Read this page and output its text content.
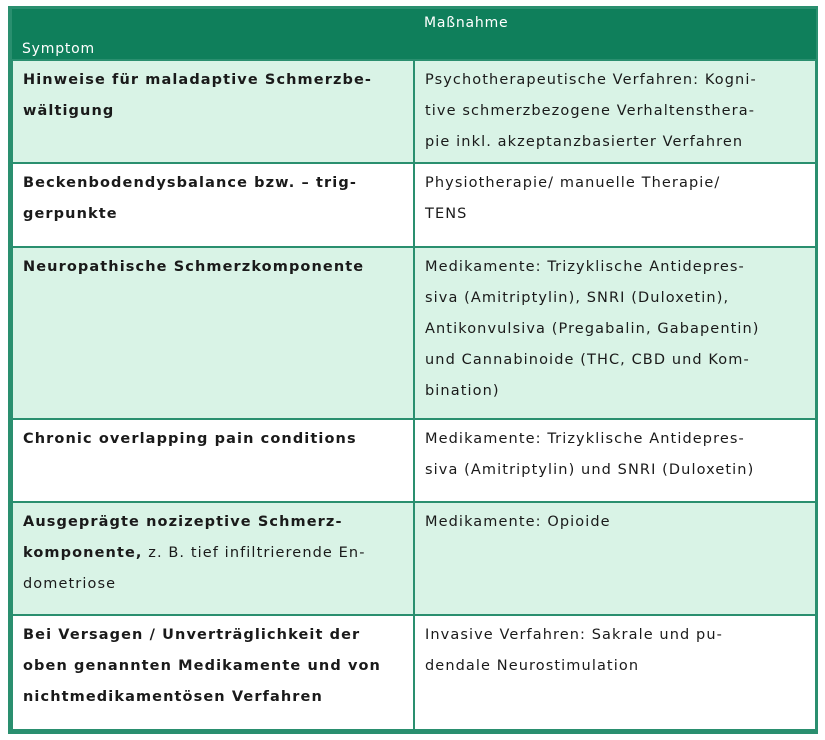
Symptom	Maßnahme

Hinweise für maladaptive Schmerzbe-
wältigung	Psychotherapeutische Verfahren: Kogni-
tive schmerzbezogene Verhaltensthera-
pie inkl. akzeptanzbasierter Verfahren

Beckenbodendysbalance bzw. – trig-
gerpunkte	Physiotherapie/ manuelle Therapie/
TENS

Neuropathische Schmerzkomponente	Medikamente: Trizyklische Antidepres-
siva (Amitriptylin), SNRI (Duloxetin),
Antikonvulsiva (Pregabalin, Gabapentin)
und Cannabinoide (THC, CBD und Kom-
bination)

Chronic overlapping pain conditions	Medikamente: Trizyklische Antidepres-
siva (Amitriptylin) und SNRI (Duloxetin)

Ausgeprägte nozizeptive Schmerz-
komponente, z. B. tief infiltrierende En-
dometriose	Medikamente: Opioide

Bei Versagen / Unverträglichkeit der
oben genannten Medikamente und von
nichtmedikamentösen Verfahren	Invasive Verfahren: Sakrale und pu-
dendale Neurostimulation
